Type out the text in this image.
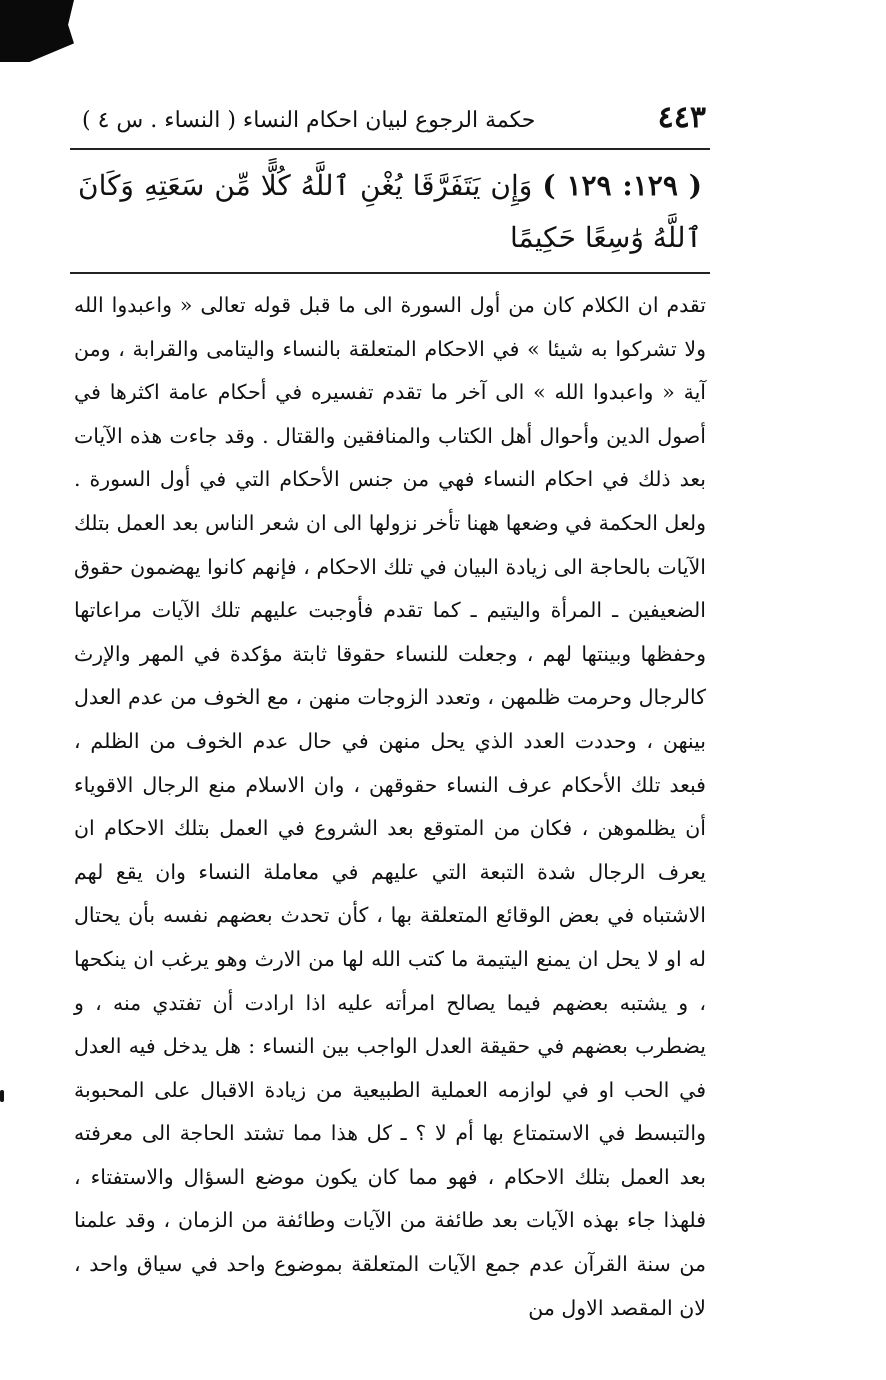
٤٤٣
حكمة الرجوع لبيان احكام النساء ( النساء . س ٤ )
( ١٢٩: ١٢٩ ) وَإِن يَتَفَرَّقَا يُغْنِ ٱللَّهُ كُلًّا مِّن سَعَتِهِ وَكَانَ ٱللَّهُ وَٰسِعًا حَكِيمًا
تقدم ان الكلام كان من أول السورة الى ما قبل قوله تعالى « واعبدوا الله ولا تشركوا به شيئا » في الاحكام المتعلقة بالنساء واليتامى والقرابة ، ومن آية « واعبدوا الله » الى آخر ما تقدم تفسيره في أحكام عامة اكثرها في أصول الدين وأحوال أهل الكتاب والمنافقين والقتال . وقد جاءت هذه الآيات بعد ذلك في احكام النساء فهي من جنس الأحكام التي في أول السورة . ولعل الحكمة في وضعها ههنا تأخر نزولها الى ان شعر الناس بعد العمل بتلك الآيات بالحاجة الى زيادة البيان في تلك الاحكام ، فإنهم كانوا يهضمون حقوق الضعيفين ـ المرأة واليتيم ـ كما تقدم فأوجبت عليهم تلك الآيات مراعاتها وحفظها وبينتها لهم ، وجعلت للنساء حقوقا ثابتة مؤكدة في المهر والإرث كالرجال وحرمت ظلمهن ، وتعدد الزوجات منهن ، مع الخوف من عدم العدل بينهن ، وحددت العدد الذي يحل منهن في حال عدم الخوف من الظلم ، فبعد تلك الأحكام عرف النساء حقوقهن ، وان الاسلام منع الرجال الاقوياء أن يظلموهن ، فكان من المتوقع بعد الشروع في العمل بتلك الاحكام ان يعرف الرجال شدة التبعة التي عليهم في معاملة النساء وان يقع لهم الاشتباه في بعض الوقائع المتعلقة بها ، كأن تحدث بعضهم نفسه بأن يحتال له او لا يحل ان يمنع اليتيمة ما كتب الله لها من الارث وهو يرغب ان ينكحها ، و يشتبه بعضهم فيما يصالح امرأته عليه اذا ارادت أن تفتدي منه ، و يضطرب بعضهم في حقيقة العدل الواجب بين النساء : هل يدخل فيه العدل في الحب او في لوازمه العملية الطبيعية من زيادة الاقبال على المحبوبة والتبسط في الاستمتاع بها أم لا ؟ ـ كل هذا مما تشتد الحاجة الى معرفته بعد العمل بتلك الاحكام ، فهو مما كان يكون موضع السؤال والاستفتاء ، فلهذا جاء بهذه الآيات بعد طائفة من الآيات وطائفة من الزمان ، وقد علمنا من سنة القرآن عدم جمع الآيات المتعلقة بموضوع واحد في سياق واحد ، لان المقصد الاول من
